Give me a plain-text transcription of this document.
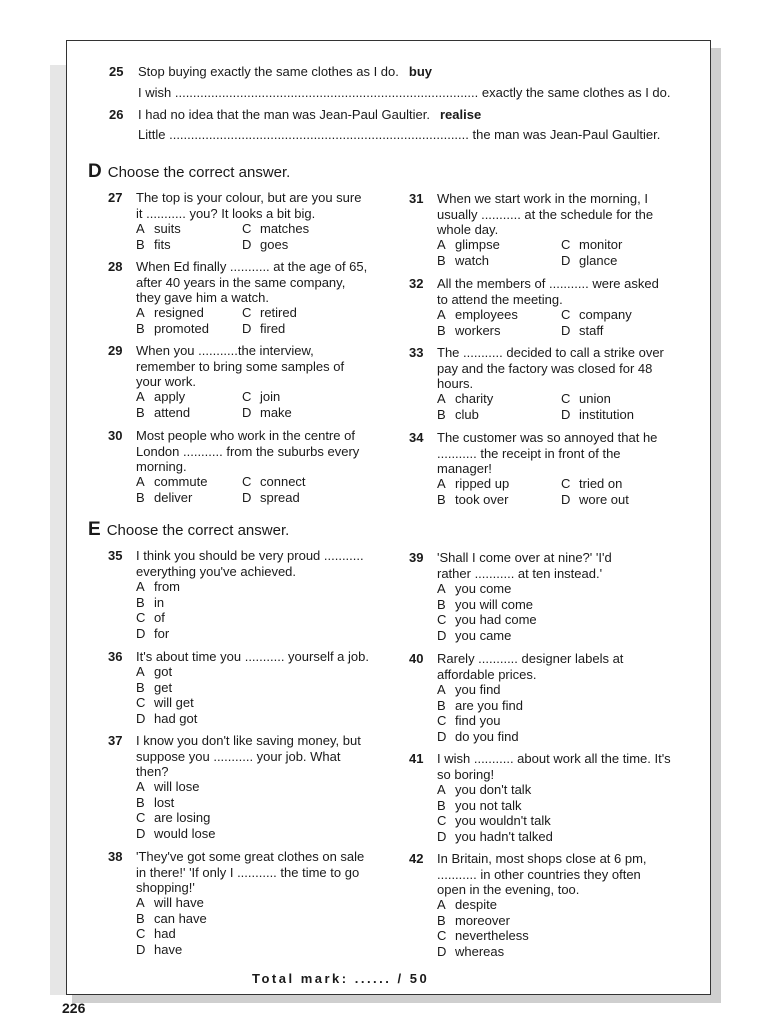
25 Stop buying exactly the same clothes as I do. buy
I wish .................................................................................... exactly the same clothes as I do.
26 I had no idea that the man was Jean-Paul Gaultier. realise
Little ................................................................................... the man was Jean-Paul Gaultier.
D Choose the correct answer.
E Choose the correct answer.
27 The top is your colour, but are you sure it ........... you? It looks a bit big.
A suits	C matches
B fits	D goes
28 When Ed finally ........... at the age of 65, after 40 years in the same company, they gave him a watch.
A resigned	C retired
B promoted	D fired
29 When you ...........the interview, remember to bring some samples of your work.
A apply	C join
B attend	D make
30 Most people who work in the centre of London ........... from the suburbs every morning.
A commute	C connect
B deliver	D spread
31 When we start work in the morning, I usually ........... at the schedule for the whole day.
A glimpse	C monitor
B watch	D glance
32 All the members of ........... were asked to attend the meeting.
A employees	C company
B workers	D staff
33 The ........... decided to call a strike over pay and the factory was closed for 48 hours.
A charity	C union
B club	D institution
34 The customer was so annoyed that he ........... the receipt in front of the manager!
A ripped up	C tried on
B took over	D wore out
35 I think you should be very proud ........... everything you've achieved.
A from
B in
C of
D for
36 It's about time you ........... yourself a job.
A got
B get
C will get
D had got
37 I know you don't like saving money, but suppose you ........... your job. What then?
A will lose
B lost
C are losing
D would lose
38 'They've got some great clothes on sale in there!' 'If only I ........... the time to go shopping!'
A will have
B can have
C had
D have
39 'Shall I come over at nine?' 'I'd rather ........... at ten instead.'
A you come
B you will come
C you had come
D you came
40 Rarely ........... designer labels at affordable prices.
A you find
B are you find
C find you
D do you find
41 I wish ........... about work all the time. It's so boring!
A you don't talk
B you not talk
C you wouldn't talk
D you hadn't talked
42 In Britain, most shops close at 6 pm, ........... in other countries they often open in the evening, too.
A despite
B moreover
C nevertheless
D whereas
Total mark: ...... / 50
226
